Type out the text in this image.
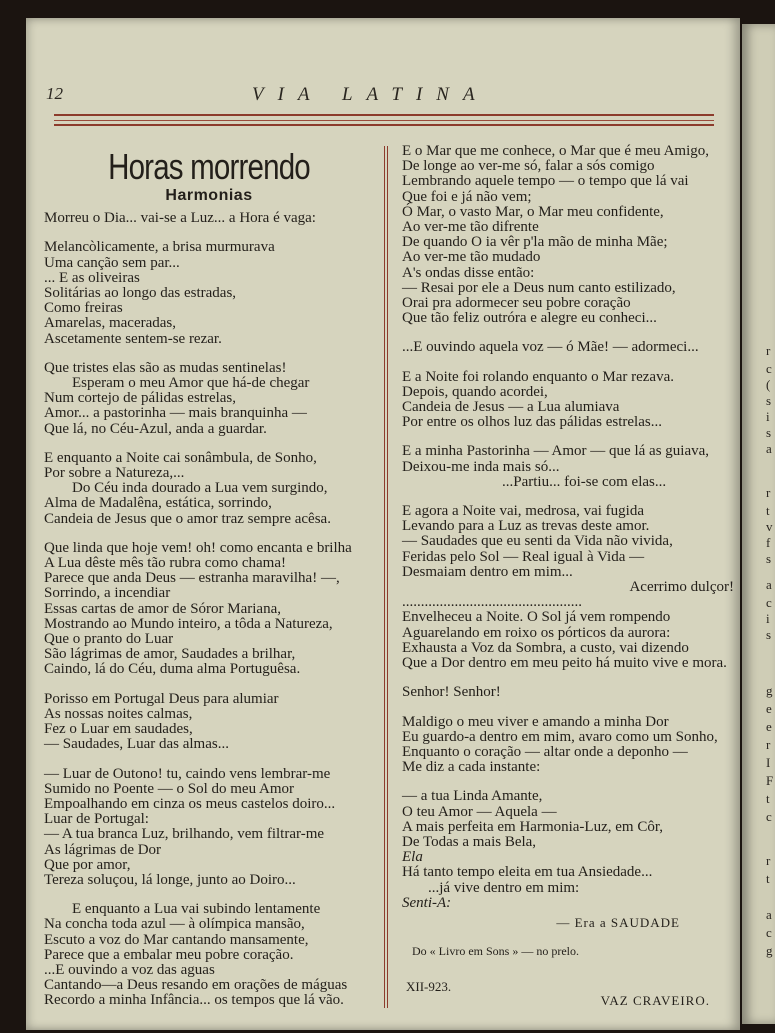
12	VIA LATINA
Horas morrendo
Harmonias
Morreu o Dia... vai-se a Luz... a Hora é vaga:
Melancòlicamente, a brisa murmurava
Uma canção sem par...
... E as oliveiras
Solitárias ao longo das estradas,
Como freiras
Amarelas, maceradas,
Ascetamente sentem-se rezar.
Que tristes elas são as mudas sentinelas!
Esperam o meu Amor que há-de chegar
Num cortejo de pálidas estrelas,
Amor... a pastorinha — mais branquinha —
Que lá, no Céu-Azul, anda a guardar.
E enquanto a Noite cai sonâmbula, de Sonho,
Por sobre a Natureza,...
Do Céu inda dourado a Lua vem surgindo,
Alma de Madalêna, estática, sorrindo,
Candeia de Jesus que o amor traz sempre acêsa.
Que linda que hoje vem! oh! como encanta e brilha
A Lua dêste mês tão rubra como chama!
Parece que anda Deus — estranha maravilha! —,
Sorrindo, a incendiar
Essas cartas de amor de Sóror Mariana,
Mostrando ao Mundo inteiro, a tôda a Natureza,
Que o pranto do Luar
São lágrimas de amor, Saudades a brilhar,
Caindo, lá do Céu, duma alma Portuguêsa.
Porisso em Portugal Deus para alumiar
As nossas noites calmas,
Fez o Luar em saudades,
— Saudades, Luar das almas...
— Luar de Outono! tu, caindo vens lembrar-me
Sumido no Poente — o Sol do meu Amor
Empoalhando em cinza os meus castelos doiro...
Luar de Portugal:
— A tua branca Luz, brilhando, vem filtrar-me
As lágrimas de Dor
Que por amor,
Tereza soluçou, lá longe, junto ao Doiro...
E enquanto a Lua vai subindo lentamente
Na concha toda azul — à olímpica mansão,
Escuto a voz do Mar cantando mansamente,
Parece que a embalar meu pobre coração.
...E ouvindo a voz das aguas
Cantando—a Deus resando em orações de máguas
Recordo a minha Infância... os tempos que lá vão.
E o Mar que me conhece, o Mar que é meu Amigo,
De longe ao ver-me só, falar a sós comigo
Lembrando aquele tempo — o tempo que lá vai
Que foi e já não vem;
Ó Mar, o vasto Mar, o Mar meu confidente,
Ao ver-me tão difrente
De quando O ia vêr p'la mão de minha Mãe;
Ao ver-me tão mudado
A's ondas disse então:
— Resai por ele a Deus num canto estilizado,
Orai pra adormecer seu pobre coração
Que tão feliz outróra e alegre eu conheci...
...E ouvindo aquela voz — ó Mãe! — adormeci...
E a Noite foi rolando enquanto o Mar rezava.
Depois, quando acordei,
Candeia de Jesus — a Lua alumiava
Por entre os olhos luz das pálidas estrelas...
E a minha Pastorinha — Amor — que lá as guiava,
Deixou-me inda mais só...
...Partiu... foi-se com elas...
E agora a Noite vai, medrosa, vai fugida
Levando para a Luz as trevas deste amor.
— Saudades que eu senti da Vida não vivida,
Feridas pelo Sol — Real igual à Vida —
Desmaiam dentro em mim...
Acerrimo dulçor!
................................................
Envelheceu a Noite. O Sol já vem rompendo
Aguarelando em roixo os pórticos da aurora:
Exhausta a Voz da Sombra, a custo, vai dizendo
Que a Dor dentro em meu peito há muito vive e mora.
Senhor! Senhor!
Maldigo o meu viver e amando a minha Dor
Eu guardo-a dentro em mim, avaro como um Sonho,
Enquanto o coração — altar onde a deponho —
Me diz a cada instante:
— a tua Linda Amante,
O teu Amor — Aquela —
A mais perfeita em Harmonia-Luz, em Côr,
De Todas a mais Bela,
Ela
Há tanto tempo eleita em tua Ansiedade...
...já vive dentro em mim:
Senti-A:
— Era a SAUDADE
Do « Livro em Sons » — no prelo.
XII-923.
VAZ CRAVEIRO.
r
c
(
s
i
s
a
r
t
v
f
s
a
c
i
s
g
e
e
r
I
F
t
c
r
t
a
c
g
